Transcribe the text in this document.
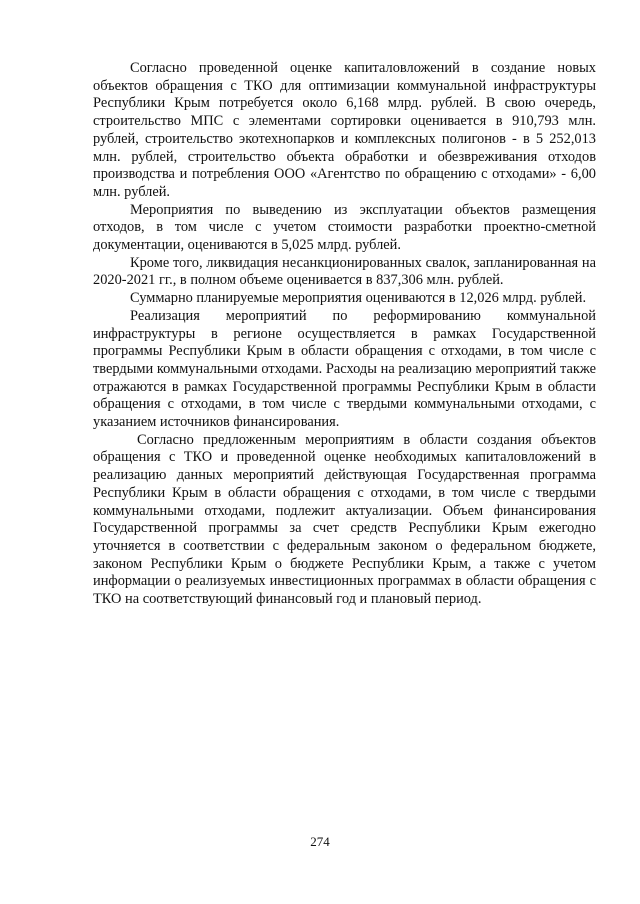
Согласно проведенной оценке капиталовложений в создание новых объектов обращения с ТКО для оптимизации коммунальной инфраструктуры Республики Крым потребуется около 6,168 млрд. рублей. В свою очередь, строительство МПС с элементами сортировки оценивается в 910,793 млн. рублей, строительство экотехнопарков и комплексных полигонов - в 5 252,013 млн. рублей, строительство объекта обработки и обезвреживания отходов производства и потребления ООО «Агентство по обращению с отходами» - 6,00 млн. рублей.

Мероприятия по выведению из эксплуатации объектов размещения отходов, в том числе с учетом стоимости разработки проектно-сметной документации, оцениваются в 5,025 млрд. рублей.

Кроме того, ликвидация несанкционированных свалок, запланированная на 2020-2021 гг., в полном объеме оценивается в 837,306 млн. рублей.

Суммарно планируемые мероприятия оцениваются в 12,026 млрд. рублей.

Реализация мероприятий по реформированию коммунальной инфраструктуры в регионе осуществляется в рамках Государственной программы Республики Крым в области обращения с отходами, в том числе с твердыми коммунальными отходами. Расходы на реализацию мероприятий также отражаются в рамках Государственной программы Республики Крым в области обращения с отходами, в том числе с твердыми коммунальными отходами, с указанием источников финансирования.

Согласно предложенным мероприятиям в области создания объектов обращения с ТКО и проведенной оценке необходимых капиталовложений в реализацию данных мероприятий действующая Государственная программа Республики Крым в области обращения с отходами, в том числе с твердыми коммунальными отходами, подлежит актуализации. Объем финансирования Государственной программы за счет средств Республики Крым ежегодно уточняется в соответствии с федеральным законом о федеральном бюджете, законом Республики Крым о бюджете Республики Крым, а также с учетом информации о реализуемых инвестиционных программах в области обращения с ТКО на соответствующий финансовый год и плановый период.

274
